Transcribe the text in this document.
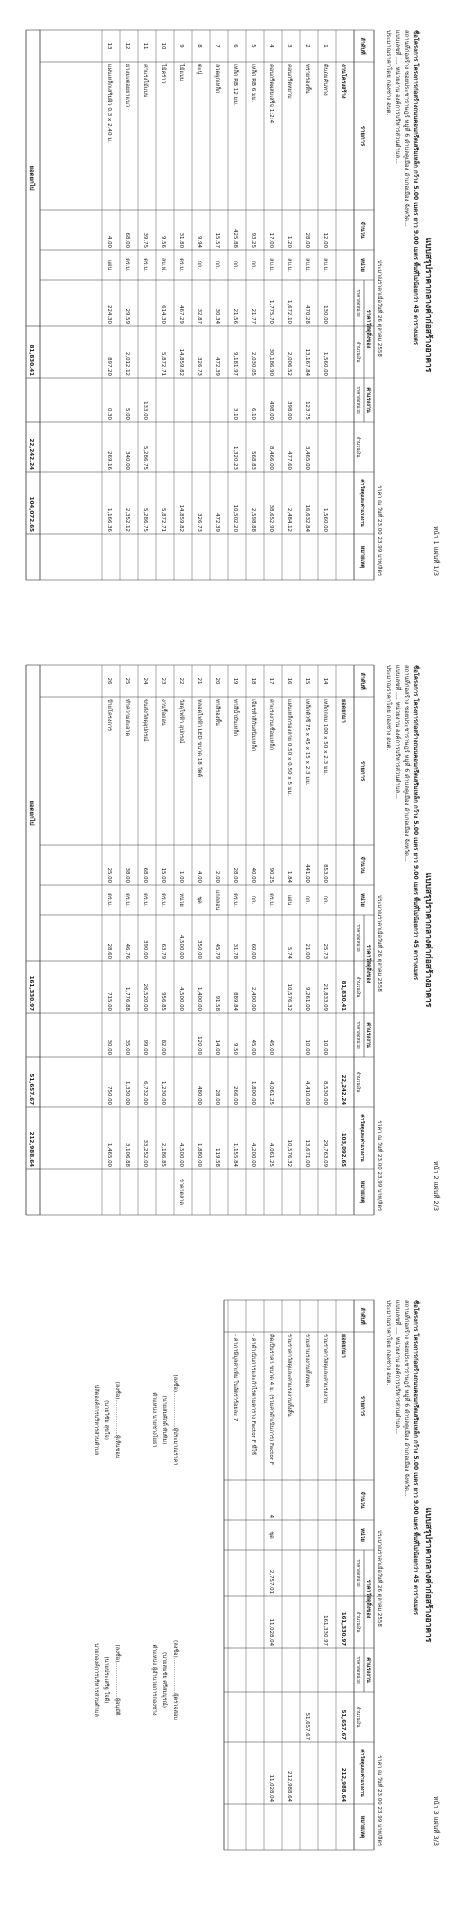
หน้า 1 แผ่นที่ 1/3
แบบสรุปราคากลางค่าก่อสร้างอาคาร
ชื่อโครงการ โครงการก่อสร้างถนนคอนกรีตเสริมเหล็ก กว้าง 5.00 เมตร ยาว 9.00 เมตร พื้นที่ไม่น้อยกว่า 45 ตารางเมตร
สถานที่ก่อสร้าง ซอยประชาราษฎร์ หมู่ที่ 6 ตำบลคูเมือง อำเภอเมือง จังหวัด...
แบบเลขที่ .... หน่วยงาน องค์การบริหารส่วนตำบล...
ประมาณราคาโดย กองช่าง อบต.
ประมาณราคาเมื่อวันที่ 26 ตุลาคม 2558
ราคา ณ วันที่ 23.00 23.99 บาท/ลิตร
ลำดับที่
รายการ
จำนวน
หน่วย
ราคาวัสดุสิ่งของ
ค่าแรงงาน
ราคาต่อหน่วย
จำนวนเงิน
ราคาต่อหน่วย
จำนวนเงิน
ค่าวัสดุและค่าแรงงาน
หมายเหตุ
งานโครงสร้าง
1
ดินถมคันทาง
12.00
ลบ.ม.
130.00
1,560.00
1,560.00
2
ทรายรองพื้น
28.00
ลบ.ม.
470.28
13,167.84
123.75
3,465.00
16,632.84
3
คอนกรีตหยาบ
1.20
ลบ.ม.
1,672.10
2,006.52
398.00
477.60
2,484.12
4
คอนกรีตผสมเสร็จ 1:2:4
17.00
ลบ.ม.
1,775.70
30,186.90
498.00
8,466.00
38,652.90
5
เหล็ก RB 6 มม.
93.25
กก.
21.77
2,030.05
6.10
568.83
2,598.88
6
เหล็ก RB 12 มม.
425.88
กก.
21.56
9,181.97
3.10
1,320.23
10,502.20
7
ลวดผูกเหล็ก
15.57
กก.
30.34
472.39
472.39
8
ตะปู
9.94
กก.
32.87
326.73
326.73
9
ไม้แบบ
31.80
ตร.ม.
467.29
14,859.82
14,859.82
10
ไม้คร่าว
9.56
ลบ.ฟ.
614.30
5,872.71
5,872.71
11
ค่าแรงไม้แบบ
39.75
ตร.ม.
133.00
5,286.75
5,286.75
12
ยางมะตอยยาแนว
68.00
ตร.ม.
29.59
2,012.12
5.00
340.00
2,352.12
13
แผ่นเหล็กเสริมผิว 0.3 x 2.40 ม.
4.00
แผ่น
224.30
897.20
0.30
269.16
1,166.36
ยอดยกไป
81,830.41
22,242.24
104,072.65
หน้า 2 แผ่นที่ 2/3
แบบสรุปราคากลางค่าก่อสร้างอาคาร
ชื่อโครงการ โครงการก่อสร้างถนนคอนกรีตเสริมเหล็ก กว้าง 5.00 เมตร ยาว 9.00 เมตร พื้นที่ไม่น้อยกว่า 45 ตารางเมตร
สถานที่ก่อสร้าง ซอยประชาราษฎร์ หมู่ที่ 6 ตำบลคูเมือง อำเภอเมือง จังหวัด...
แบบเลขที่ .... หน่วยงาน องค์การบริหารส่วนตำบล...
ประมาณราคาโดย กองช่าง อบต.
ประมาณราคาเมื่อวันที่ 26 ตุลาคม 2558
ราคา ณ วันที่ 23.00 23.99 บาท/ลิตร
ลำดับที่
รายการ
จำนวน
หน่วย
ราคาวัสดุสิ่งของ
ค่าแรงงาน
ราคาต่อหน่วย
จำนวนเงิน
ราคาต่อหน่วย
จำนวนเงิน
ค่าวัสดุและค่าแรงงาน
หมายเหตุ
ยอดยกมา
81,830.41
22,242.24
103,092.65
14
เหล็กกลม 100 x 50 x 2.3 มม.
853.00
กก.
25.73
21,833.09
10.00
8,530.00
29,763.09
15
เหล็กตัวซี 75 x 45 x 15 x 2.3 มม.
441.00
กก.
21.00
9,261.00
10.00
4,410.00
13,671.00
16
แผ่นเหล็กรองลาย 0.50 x 0.50 x 5 มม.
1.84
แผ่น
5.74
10,576.32
10,576.32
17
ค่าแรงงานเชื่อมเหล็ก
90.25
ตร.ม.
45.00
4,061.25
4,061.25
18
เจียรทำสีกันสนิมเหล็ก
40.00
กก.
60.00
2,400.00
45.00
1,800.00
4,200.00
19
ทาสีน้ำมันเหล็ก
28.00
ตร.ม.
31.78
889.84
9.50
266.00
1,155.84
20
ทาสีรองพื้น
2.00
แกลลอน
45.79
91.58
14.00
28.00
119.58
21
หลอดไฟฟ้า LED ขนาด 18 วัตต์
4.00
ชุด
350.00
1,400.00
120.00
480.00
1,880.00
22
วัสดุไฟฟ้า อุปกรณ์
1.00
หน่วย
4,500.00
4,500.00
4,500.00
ราคาตลาด
23
งานรื้อถอน
15.00
ตร.ม.
63.79
956.85
82.00
1,230.00
2,186.85
24
ขนส่งวัสดุอุปกรณ์
68.00
ตร.ม.
390.00
26,520.00
99.00
6,732.00
33,252.00
25
ทำความสะอาด
38.00
ตร.ม.
46.76
1,776.88
35.00
1,330.00
3,106.88
26
ป้ายโครงการ
25.00
ตร.ม.
28.60
715.00
30.00
750.00
1,465.00
ยอดยกไป
161,330.97
51,657.67
212,988.64
หน้า 3 แผ่นที่ 3/3
แบบสรุปราคากลางค่าก่อสร้างอาคาร
ชื่อโครงการ โครงการก่อสร้างถนนคอนกรีตเสริมเหล็ก กว้าง 5.00 เมตร ยาว 9.00 เมตร พื้นที่ไม่น้อยกว่า 45 ตารางเมตร
สถานที่ก่อสร้าง ซอยประชาราษฎร์ หมู่ที่ 6 ตำบลคูเมือง อำเภอเมือง จังหวัด...
แบบเลขที่ .... หน่วยงาน องค์การบริหารส่วนตำบล...
ประมาณราคาโดย กองช่าง อบต.
ประมาณราคาเมื่อวันที่ 26 ตุลาคม 2558
ราคา ณ วันที่ 23.00 23.99 บาท/ลิตร
ลำดับที่
รายการ
จำนวน
หน่วย
ราคาวัสดุสิ่งของ
ค่าแรงงาน
ราคาต่อหน่วย
จำนวนเงิน
ราคาต่อหน่วย
จำนวนเงิน
ค่าวัสดุและค่าแรงงาน
หมายเหตุ
ยอดยกมา
161,330.97
51,657.67
212,988.64
รวมราคาวัสดุและค่าแรงงาน
161,330.97
รวมค่าแรงงานทั้งหมด
51,657.67
รวมราคาวัสดุและค่าแรงงานทั้งสิ้น
212,988.64
คิดเป็นราคา ขนาด 4 ม. (รวมค่าดำเนินการ) Factor F
4
ชุด
2,757.01
11,028.04
11,028.04
- ค่าดำเนินการและกำไรตามตาราง Factor F ที่ใช้
- ค่าภาษีมูลค่าเพิ่ม ในอัตราร้อยละ 7
(ลงชื่อ)....................ผู้ประมาณราคา
(นายสมศักดิ์ ทับทิม)
ตำแหน่ง นายช่างโยธา
(ลงชื่อ)....................ผู้ตรวจสอบ
(นายสมชัย ศรีสมบูรณ์)
ตำแหน่ง ผู้อำนวยการกองช่าง
(ลงชื่อ)....................ผู้เห็นชอบ
(นายวิชัย สุขใจ)
ปลัดองค์การบริหารส่วนตำบล
(ลงชื่อ)....................ผู้อนุมัติ
(นายประเสริฐ ใจดี)
นายกองค์การบริหารส่วนตำบล
